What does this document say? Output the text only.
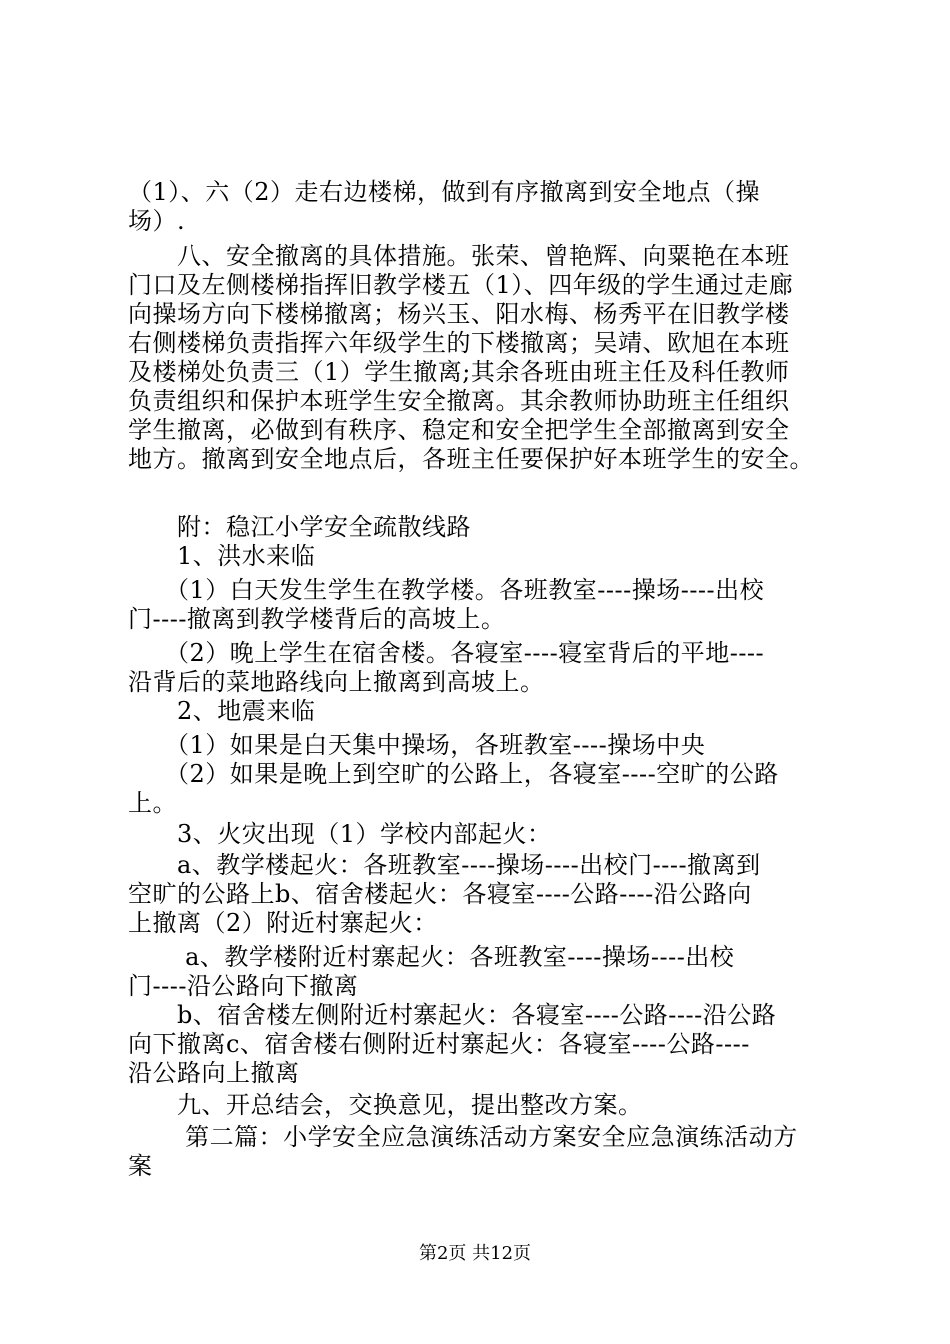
（1）、六（2）走右边楼梯，做到有序撤离到安全地点（操
场）.
　　八、安全撤离的具体措施。张荣、曾艳辉、向粟艳在本班
门口及左侧楼梯指挥旧教学楼五（1）、四年级的学生通过走廊
向操场方向下楼梯撤离；杨兴玉、阳水梅、杨秀平在旧教学楼
右侧楼梯负责指挥六年级学生的下楼撤离；吴靖、欧旭在本班
及楼梯处负责三（1）学生撤离;其余各班由班主任及科任教师
负责组织和保护本班学生安全撤离。其余教师协助班主任组织
学生撤离，必做到有秩序、稳定和安全把学生全部撤离到安全
地方。撤离到安全地点后，各班主任要保护好本班学生的安全。
　　附：稳江小学安全疏散线路
　　1、洪水来临
　　（1）白天发生学生在教学楼。各班教室----操场----出校
门----撤离到教学楼背后的高坡上。
　　（2）晚上学生在宿舍楼。各寝室----寝室背后的平地----
沿背后的菜地路线向上撤离到高坡上。
　　2、地震来临
　　（1）如果是白天集中操场，各班教室----操场中央
　　（2）如果是晚上到空旷的公路上，各寝室----空旷的公路
上。
　　3、火灾出现（1）学校内部起火：
　　a、教学楼起火：各班教室----操场----出校门----撤离到
空旷的公路上b、宿舍楼起火：各寝室----公路----沿公路向
上撤离（2）附近村寨起火：
　　 a、教学楼附近村寨起火：各班教室----操场----出校
门----沿公路向下撤离
　　b、宿舍楼左侧附近村寨起火：各寝室----公路----沿公路
向下撤离c、宿舍楼右侧附近村寨起火：各寝室----公路----
沿公路向上撤离
　　九、开总结会，交换意见，提出整改方案。
　　 第二篇：小学安全应急演练活动方案安全应急演练活动方
案
第2页 共12页
